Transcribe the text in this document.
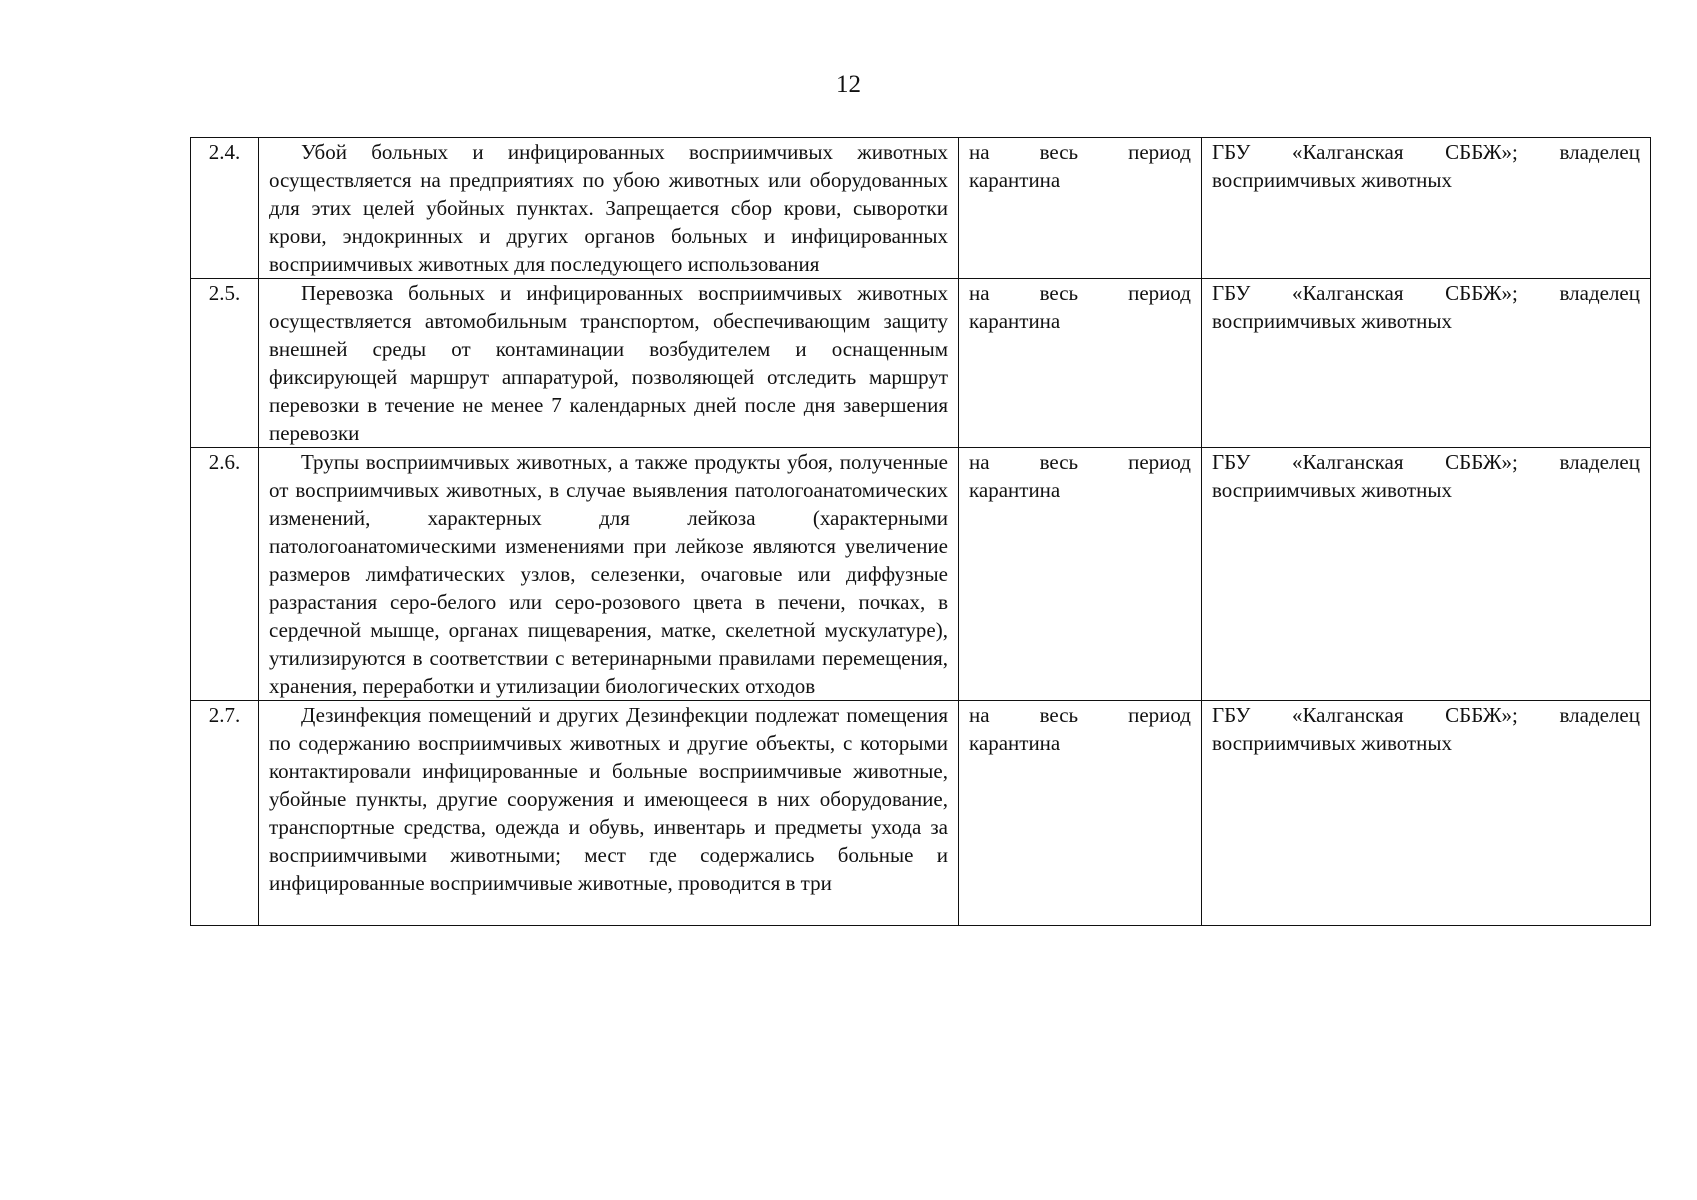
12
2.4.	Убой больных и инфицированных восприимчивых животных осуществляется на предприятиях по убою животных или оборудованных для этих целей убойных пунктах. Запрещается сбор крови, сыворотки крови, эндокринных и других органов больных и инфицированных восприимчивых животных для последующего использования	на весь период карантина	ГБУ «Калганская СББЖ»; владелец восприимчивых животных
2.5.	Перевозка больных и инфицированных восприимчивых животных осуществляется автомобильным транспортом, обеспечивающим защиту внешней среды от контаминации возбудителем и оснащенным фиксирующей маршрут аппаратурой, позволяющей отследить маршрут перевозки в течение не менее 7 календарных дней после дня завершения перевозки	на весь период карантина	ГБУ «Калганская СББЖ»; владелец восприимчивых животных
2.6.	Трупы восприимчивых животных, а также продукты убоя, полученные от восприимчивых животных, в случае выявления патологоанатомических изменений, характерных для лейкоза (характерными патологоанатомическими изменениями при лейкозе являются увеличение размеров лимфатических узлов, селезенки, очаговые или диффузные разрастания серо-белого или серо-розового цвета в печени, почках, в сердечной мышце, органах пищеварения, матке, скелетной мускулатуре), утилизируются в соответствии с ветеринарными правилами перемещения, хранения, переработки и утилизации биологических отходов	на весь период карантина	ГБУ «Калганская СББЖ»; владелец восприимчивых животных
2.7.	Дезинфекция помещений и других Дезинфекции подлежат помещения по содержанию восприимчивых животных и другие объекты, с которыми контактировали инфицированные и больные восприимчивые животные, убойные пункты, другие сооружения и имеющееся в них оборудование, транспортные средства, одежда и обувь, инвентарь и предметы ухода за восприимчивыми животными; мест где содержались больные и инфицированные восприимчивые животные, проводится в три	на весь период карантина	ГБУ «Калганская СББЖ»; владелец восприимчивых животных
